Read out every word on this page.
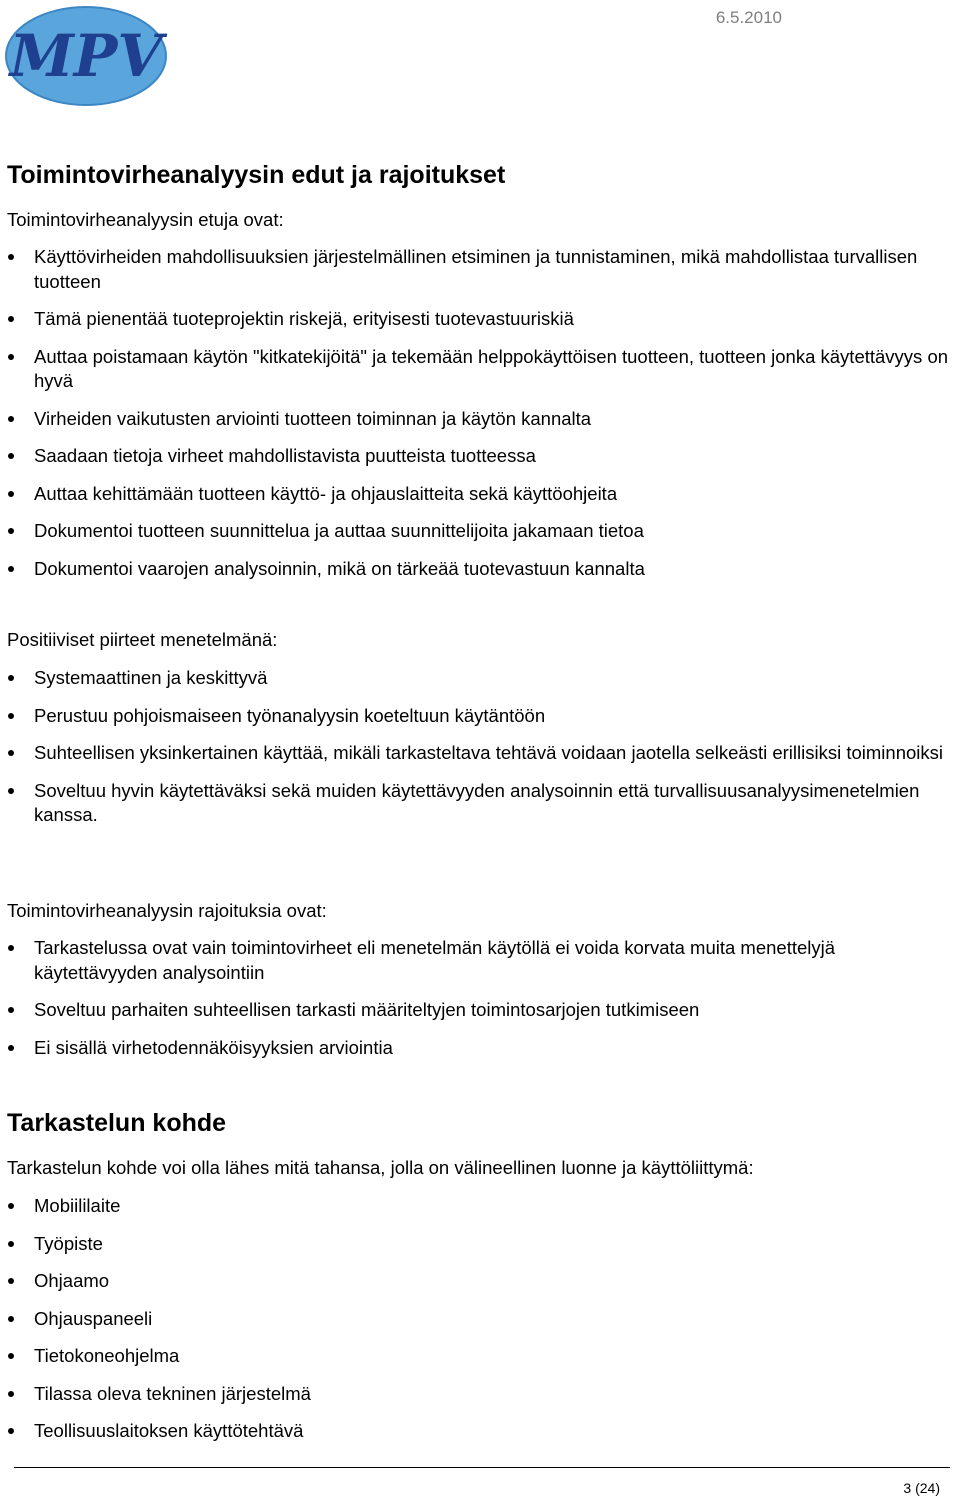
MPV
6.5.2010
Toimintovirheanalyysin edut ja rajoitukset

Toimintovirheanalyysin etuja ovat:

Käyttövirheiden mahdollisuuksien järjestelmällinen etsiminen ja tunnistaminen, mikä mahdollistaa turvallisen tuotteen
Tämä pienentää tuoteprojektin riskejä, erityisesti tuotevastuuriskiä
Auttaa poistamaan käytön "kitkatekijöitä" ja tekemään helppokäyttöisen tuotteen, tuotteen jonka käytettävyys on hyvä
Virheiden vaikutusten arviointi tuotteen toiminnan ja käytön kannalta
Saadaan tietoja virheet mahdollistavista puutteista tuotteessa
Auttaa kehittämään tuotteen käyttö- ja ohjauslaitteita sekä käyttöohjeita
Dokumentoi tuotteen suunnittelua ja auttaa suunnittelijoita jakamaan tietoa
Dokumentoi vaarojen analysoinnin, mikä on tärkeää tuotevastuun kannalta

Positiiviset piirteet menetelmänä:

Systemaattinen ja keskittyvä
Perustuu pohjoismaiseen työnanalyysin koeteltuun käytäntöön
Suhteellisen yksinkertainen käyttää, mikäli tarkasteltava tehtävä voidaan jaotella selkeästi erillisiksi toiminnoiksi
Soveltuu hyvin käytettäväksi sekä muiden käytettävyyden analysoinnin että turvallisuusanalyysimenetelmien kanssa.

Toimintovirheanalyysin rajoituksia ovat:

Tarkastelussa ovat vain toimintovirheet eli menetelmän käytöllä ei voida korvata muita menettelyjä käytettävyyden analysointiin
Soveltuu parhaiten suhteellisen tarkasti määriteltyjen toimintosarjojen tutkimiseen
Ei sisällä virhetodennäköisyyksien arviointia
Tarkastelun kohde

Tarkastelun kohde voi olla lähes mitä tahansa, jolla on välineellinen luonne ja käyttöliittymä:

Mobiililaite
Työpiste
Ohjaamo
Ohjauspaneeli
Tietokoneohjelma
Tilassa oleva tekninen järjestelmä
Teollisuuslaitoksen käyttötehtävä
3 (24)
